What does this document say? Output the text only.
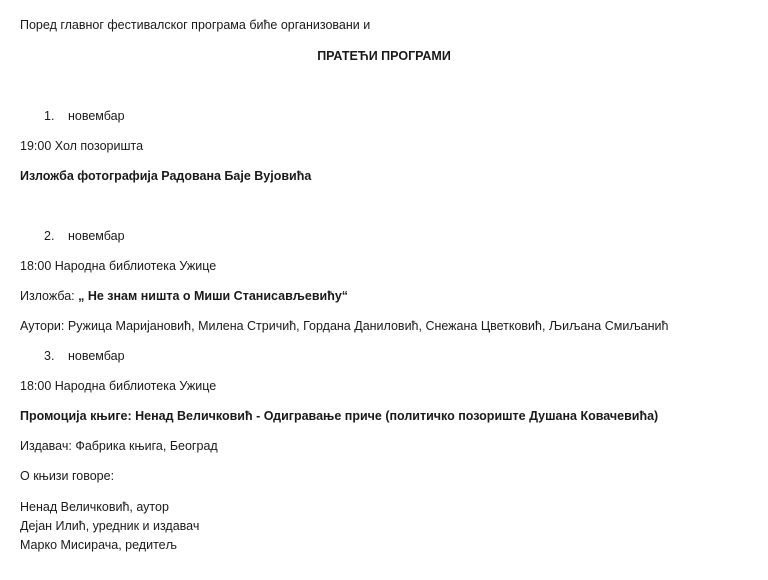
Поред главног фестивалског програма биће организовани и
ПРАТЕЋИ ПРОГРАМИ
1. новембар
19:00 Хол позоришта
Изложба фотографија Радована Баје Вујовића
2. новембар
18:00 Народна библиотека Ужице
Изложба: „ Не знам ништа о Миши Станисављевићу“
Аутори: Ружица Маријановић, Милена Стричић, Гордана Даниловић, Снежана Цветковић, Љиљана Смиљанић
3. новембар
18:00 Народна библиотека Ужице
Промоција књиге: Ненад Величковић - Одигравање приче (политичко позориште Душана Ковачевића)
Издавач: Фабрика књига, Београд
О књизи говоре:
Ненад Величковић, аутор
Дејан Илић, уредник и издавач
Марко Мисирача, редитељ
